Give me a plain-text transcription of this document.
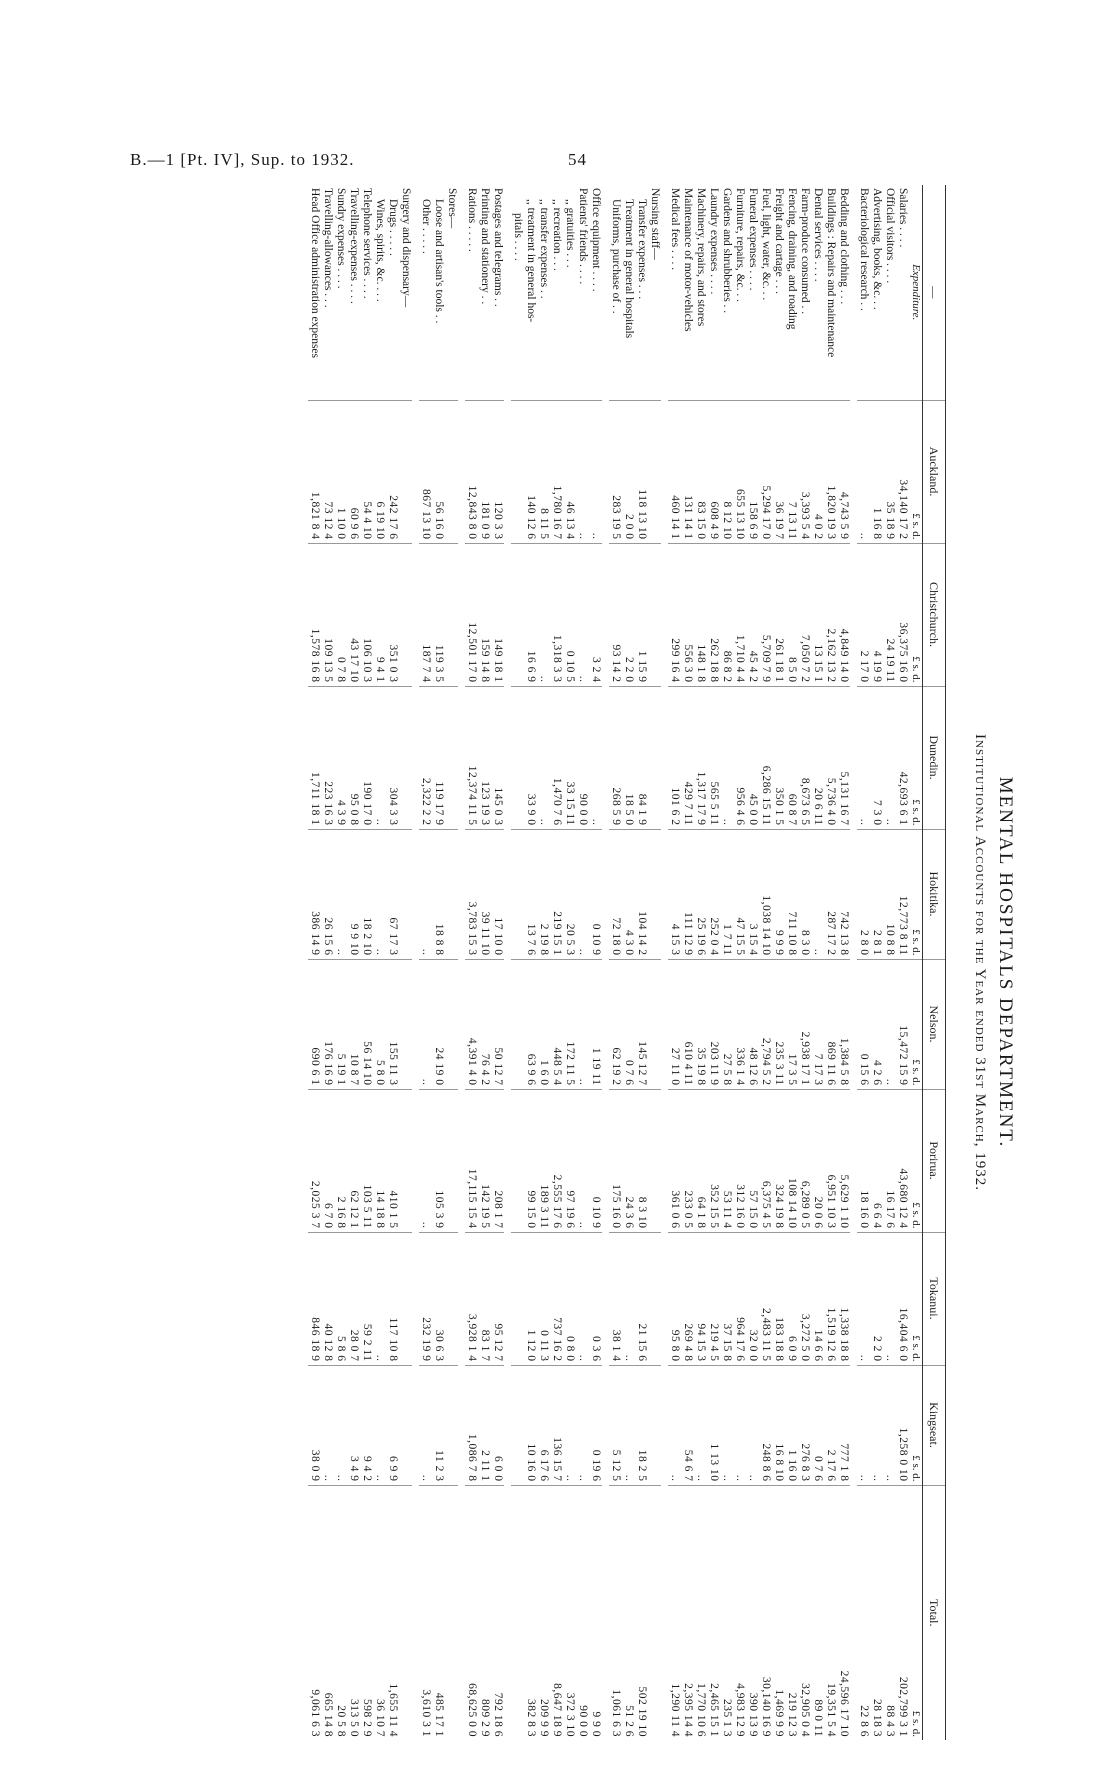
B.—1 [Pt. IV], Sup. to 1932.	54
MENTAL HOSPITALS DEPARTMENT.
Institutional Accounts for the Year ended 31st March, 1932.
—	Auckland.	Christchurch.	Dunedin.	Hokitika.	Nelson.	Porirua.	Tokanui.	Kingseat.	Total.
Expenditure.	£ s. d.	£ s. d.	£ s. d.	£ s. d.	£ s. d.	£ s. d.	£ s. d.	£ s. d.	£ s. d.
Salaries . . . .	34,140 17 2	36,375 16 0	42,693 6 1	12,773 8 11	15,472 15 9	43,680 12 4	16,404 6 0	1,258 0 10	202,799 3 1
Official visitors . . . .	35 18 9	24 19 11	..	10 8 8	..	16 17 6	..	..	88 4 3
Advertising, books, &c. . .	1 16 8	4 19 9	7 3 0	2 8 1	4 2 6	6 6 4	2 2 0	..	28 18 3
Bacteriological research . .	..	2 17 0	..	2 8 0	0 15 6	18 16 0	..	..	22 8 6

Bedding and clothing . . .	4,743 5 9	4,849 14 0	5,131 16 7	742 13 8	1,384 5 8	5,629 1 10	1,338 18 8	777 1 8	24,596 17 10
Buildings : Repairs and maintenance	1,820 19 3	2,162 13 2	5,736 4 0	287 17 2	869 11 6	6,951 10 3	1,519 12 6	2 17 6	19,351 5 4
Dental services . . . .	4 0 2	13 15 1	20 6 11	..	7 17 3	20 0 6	14 6 6	0 7 6	89 0 11
Farm-produce consumed . .	3,393 5 4	7,050 7 2	8,673 6 5	8 3 0	2,938 17 1	6,289 0 5	3,272 5 0	276 8 3	32,905 0 4
Fencing, draining, and roading	7 13 11	8 5 0	60 8 7	711 10 8	17 3 5	108 14 10	6 0 9	1 16 0	219 12 3
Freight and cartage . . .	36 19 7	261 18 1	350 1 5	9 9 9	235 3 11	324 19 8	183 18 8	16 8 10	1,469 9 9
Fuel, light, water, &c. . .	5,294 17 0	5,709 7 9	6,286 15 11	1,038 14 10	2,794 5 2	6,375 4 5	2,483 11 5	248 8 6	30,140 16 9
Funeral expenses . . . .	158 6 9	45 4 2	45 0 0	3 15 4	48 12 6	57 15 0	32 0 0	..	390 13 9
Furniture, repairs, &c. . .	655 13 10	1,710 4 4	956 4 6	47 15 5	336 1 4	312 16 0	964 17 6	..	4,983 12 9
Gardens and shrubberies . .	8 12 10	86 8 2	..	1 7 11	27 5 8	53 11 4	37 15 8	..	235 1 3
Laundry expenses . . . .	608 4 9	262 18 8	565 5 11	252 0 4	203 11 9	352 15 5	219 4 5	1 13 10	2,465 15 1
Machinery, repairs, and stores	83 15 0	148 1 8	1,317 17 9	25 19 6	35 19 8	64 1 8	94 15 3	..	1,770 10 6
Maintenance of motor-vehicles	131 14 1	556 3 0	429 7 11	111 12 9	610 4 11	233 0 5	269 4 8	54 6 7	2,395 14 4
Medical fees . . . .	460 14 1	299 16 4	101 6 2	4 15 3	27 11 0	361 0 6	95 8 0	..	1,290 11 4

Nursing staff—									
Transfer expenses . . .	118 13 10	1 15 9	84 1 9	104 14 2	145 12 7	8 3 10	21 15 6	18 2 5	502 19 10
Treatment in general hospitals	2 0 0	2 2 0	18 5 0	4 3 0	0 7 6	24 3 6	..	..	51 2 6
Uniforms, purchase of . .	283 19 5	93 14 2	268 5 9	72 18 0	62 19 2	175 16 0	38 1 4	5 12 5	1,061 6 3

Office equipment . . . .	..	3 2 4	..	0 10 9	1 19 11	0 10 9	0 3 6	0 19 6	9 9 0
Patients' friends . . . .	..	..	90 0 0	..	..	..	..	..	90 0 0
,, gratuities . . .	46 13 4	0 10 5	33 15 11	20 5 3	172 11 5	97 19 6	0 8 0	..	372 3 10
,, recreation . . .	1,780 16 7	1,318 3 3	1,470 7 6	219 15 1	448 5 4	2,555 17 6	737 16 2	136 15 7	8,647 18 9
,, transfer expenses . .	8 11 5	..	..	2 19 8	1 6 0	189 3 11	0 11 3	6 17 6	209 9 9
,, treatment in general hos-	140 12 6	16 6 9	33 9 0	13 7 6	63 9 6	99 15 0	1 12 0	10 16 0	382 8 3
pitals . . . .									

Postages and telegrams . .	120 3 3	149 18 1	145 0 3	17 10 0	50 12 7	208 1 7	95 12 7	6 0 0	792 18 6
Printing and stationery . .	181 0 9	159 14 8	123 19 3	39 11 10	76 4 2	142 19 5	83 1 7	2 11 1	809 2 9
Rations . . . . .	12,843 8 0	12,501 17 0	12,374 11 5	3,783 15 3	4,391 4 0	17,115 15 4	3,928 1 4	1,086 7 8	68,625 0 0

Stores—									
Loose and artisan's tools . .	56 16 0	119 3 5	119 17 9	18 8 8	24 19 0	105 3 9	30 6 3	11 2 3	485 17 1
Other . . . . .	867 13 10	187 7 4	2,322 2 2	..	..	..	232 19 9	..	3,610 3 1

Surgery and dispensary—									
Drugs . . . . .	242 17 6	351 0 3	304 3 3	67 17 3	155 11 3	410 1 5	117 10 8	6 9 9	1,655 11 4
Wines, spirits, &c. . . .	6 19 10	9 4 1	..	..	5 8 0	14 18 8	..	..	36 10 7
Telephone services . . . .	54 4 10	106 10 3	190 17 0	18 2 10	56 14 10	103 5 11	59 2 11	9 4 2	598 2 9
Travelling-expenses . . . .	60 9 6	43 17 10	95 0 8	9 9 10	10 8 7	62 12 1	28 0 7	3 4 9	313 5 0
Sundry expenses . . . .	1 10 0	0 7 8	4 3 9	..	5 19 1	2 16 8	5 8 6	..	20 5 8
Travelling-allowances . . .	73 12 4	109 13 5	223 16 3	26 15 6	176 16 9	6 7 0	40 12 8	..	665 14 8
Head Office administration expenses	1,821 8 4	1,578 16 8	1,711 18 1	386 14 9	690 6 1	2,025 3 7	846 18 9	38 0 9	9,061 6 3
